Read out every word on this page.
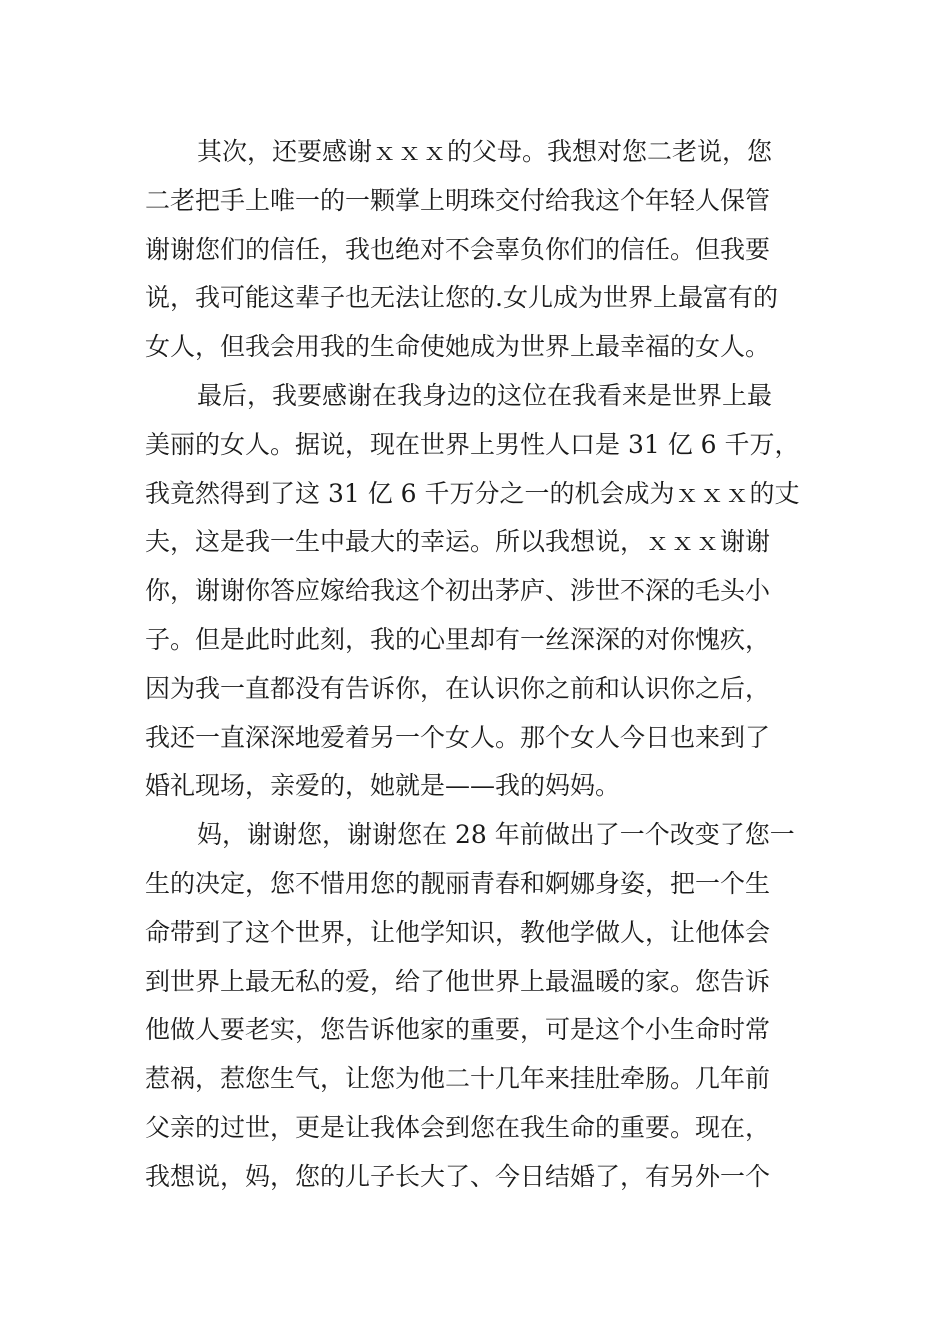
其次，还要感谢ｘｘｘ的父母。我想对您二老说，您
二老把手上唯一的一颗掌上明珠交付给我这个年轻人保管
谢谢您们的信任，我也绝对不会辜负你们的信任。但我要
说，我可能这辈子也无法让您的.女儿成为世界上最富有的
女人，但我会用我的生命使她成为世界上最幸福的女人。
最后，我要感谢在我身边的这位在我看来是世界上最
美丽的女人。据说，现在世界上男性人口是 31 亿 6 千万，
我竟然得到了这 31 亿 6 千万分之一的机会成为ｘｘｘ的丈
夫，这是我一生中最大的幸运。所以我想说，ｘｘｘ谢谢
你，谢谢你答应嫁给我这个初出茅庐、涉世不深的毛头小
子。但是此时此刻，我的心里却有一丝深深的对你愧疚，
因为我一直都没有告诉你，在认识你之前和认识你之后，
我还一直深深地爱着另一个女人。那个女人今日也来到了
婚礼现场，亲爱的，她就是——我的妈妈。
妈，谢谢您，谢谢您在 28 年前做出了一个改变了您一
生的决定，您不惜用您的靓丽青春和婀娜身姿，把一个生
命带到了这个世界，让他学知识，教他学做人，让他体会
到世界上最无私的爱，给了他世界上最温暖的家。您告诉
他做人要老实，您告诉他家的重要，可是这个小生命时常
惹祸，惹您生气，让您为他二十几年来挂肚牵肠。几年前
父亲的过世，更是让我体会到您在我生命的重要。现在，
我想说，妈，您的儿子长大了、今日结婚了，有另外一个
